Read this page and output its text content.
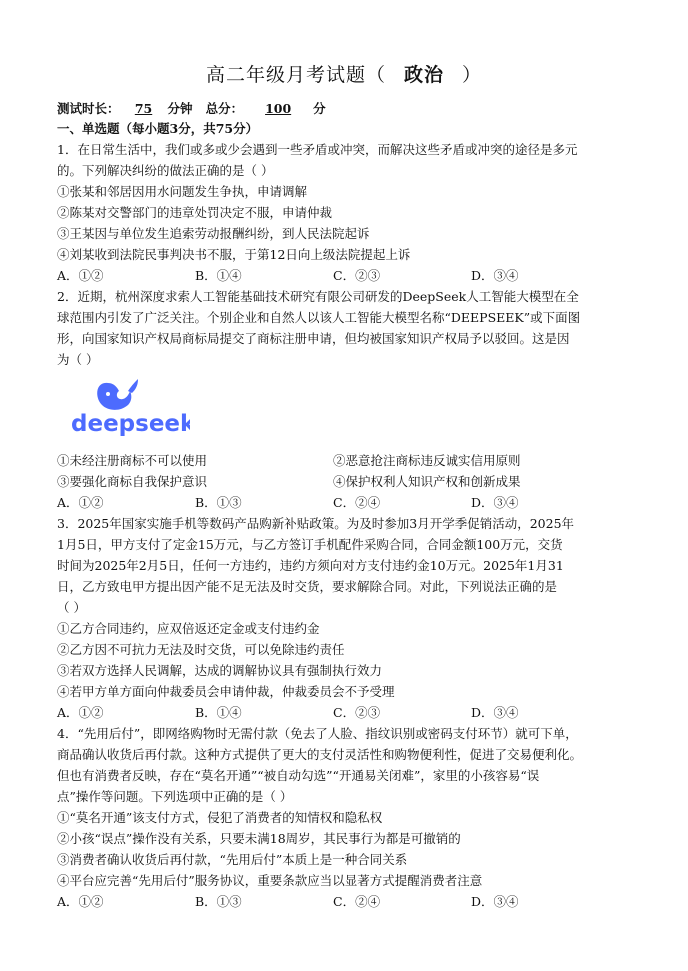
高二年级月考试题（ 政治 ）
测试时长： 75 分钟 总分： 100 分
一、单选题（每小题3分，共75分）
1．在日常生活中，我们或多或少会遇到一些矛盾或冲突，而解决这些矛盾或冲突的途径是多元
的。下列解决纠纷的做法正确的是（ ）
①张某和邻居因用水问题发生争执，申请调解
②陈某对交警部门的违章处罚决定不服，申请仲裁
③王某因与单位发生追索劳动报酬纠纷，到人民法院起诉
④刘某收到法院民事判决书不服，于第12日向上级法院提起上诉
A．①②	B．①④	C．②③	D．③④
2．近期，杭州深度求索人工智能基础技术研究有限公司研发的DeepSeek人工智能大模型在全
球范围内引发了广泛关注。个别企业和自然人以该人工智能大模型名称“DEEPSEEK”或下面图
形，向国家知识产权局商标局提交了商标注册申请，但均被国家知识产权局予以驳回。这是因
为（ ）
deepseek
①未经注册商标不可以使用	②恶意抢注商标违反诚实信用原则
③要强化商标自我保护意识	④保护权利人知识产权和创新成果
A．①②	B．①③	C．②④	D．③④
3．2025年国家实施手机等数码产品购新补贴政策。为及时参加3月开学季促销活动，2025年
1月5日，甲方支付了定金15万元，与乙方签订手机配件采购合同，合同金额100万元，交货
时间为2025年2月5日，任何一方违约，违约方须向对方支付违约金10万元。2025年1月31
日，乙方致电甲方提出因产能不足无法及时交货，要求解除合同。对此，下列说法正确的是
（ ）
①乙方合同违约，应双倍返还定金或支付违约金
②乙方因不可抗力无法及时交货，可以免除违约责任
③若双方选择人民调解，达成的调解协议具有强制执行效力
④若甲方单方面向仲裁委员会申请仲裁，仲裁委员会不予受理
A．①②	B．①④	C．②③	D．③④
4．“先用后付”，即网络购物时无需付款（免去了人脸、指纹识别或密码支付环节）就可下单，
商品确认收货后再付款。这种方式提供了更大的支付灵活性和购物便利性，促进了交易便利化。
但也有消费者反映，存在“莫名开通”“被自动勾选”“开通易关闭难”，家里的小孩容易“误
点”操作等问题。下列选项中正确的是（ ）
①“莫名开通”该支付方式，侵犯了消费者的知情权和隐私权
②小孩“误点”操作没有关系，只要未满18周岁，其民事行为都是可撤销的
③消费者确认收货后再付款，“先用后付”本质上是一种合同关系
④平台应完善“先用后付”服务协议，重要条款应当以显著方式提醒消费者注意
A．①②	B．①③	C．②④	D．③④
